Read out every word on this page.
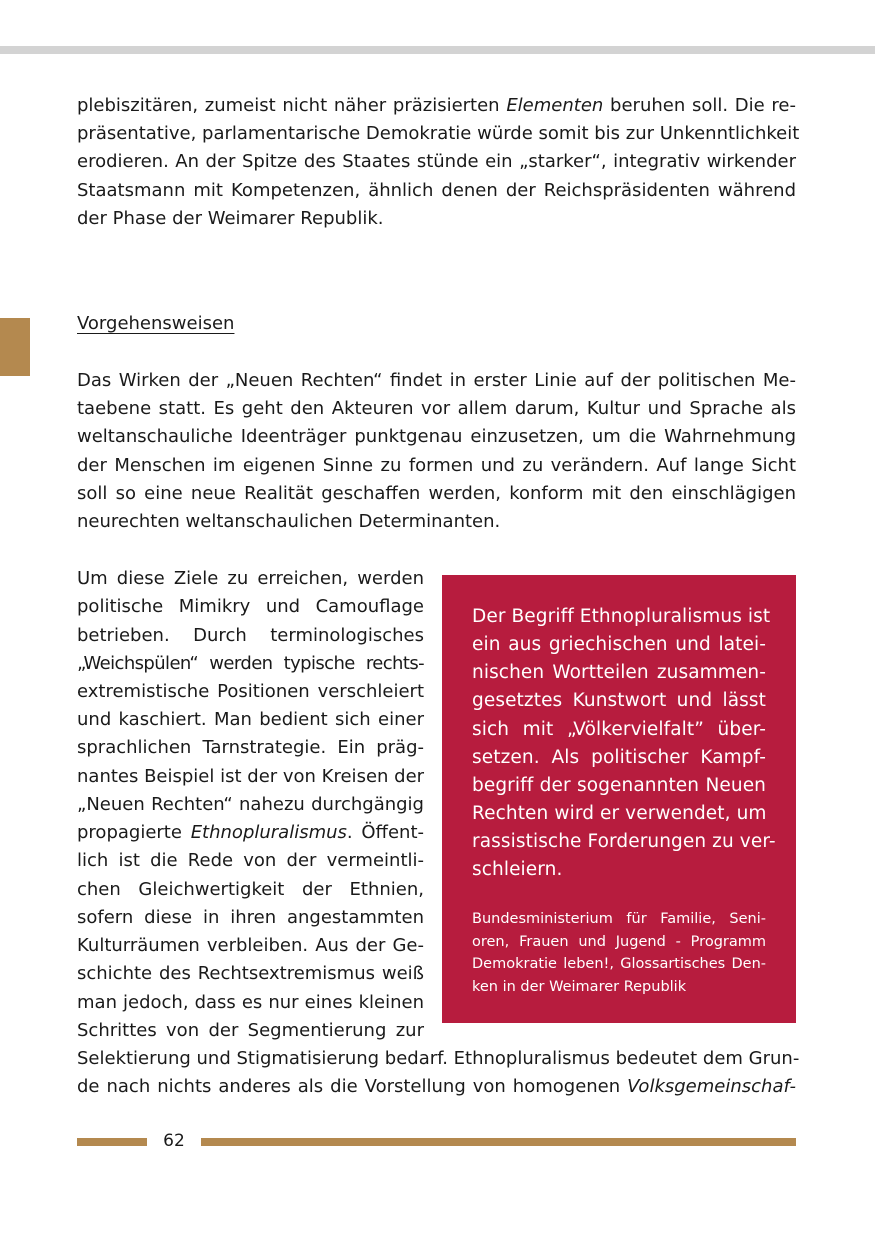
plebiszitären, zumeist nicht näher präzisierten Elementen beruhen soll. Die re-
präsentative, parlamentarische Demokratie würde somit bis zur Unkenntlichkeit
erodieren. An der Spitze des Staates stünde ein „starker“, integrativ wirkender
Staatsmann mit Kompetenzen, ähnlich denen der Reichspräsidenten während
der Phase der Weimarer Republik.
Vorgehensweisen
Das Wirken der „Neuen Rechten“ findet in erster Linie auf der politischen Me-
taebene statt. Es geht den Akteuren vor allem darum, Kultur und Sprache als
weltanschauliche Ideenträger punktgenau einzusetzen, um die Wahrnehmung
der Menschen im eigenen Sinne zu formen und zu verändern. Auf lange Sicht
soll so eine neue Realität geschaffen werden, konform mit den einschlägigen
neurechten weltanschaulichen Determinanten.
Um diese Ziele zu erreichen, werden
politische Mimikry und Camouflage
betrieben. Durch terminologisches
„Weichspülen“ werden typische rechts-
extremistische Positionen verschleiert
und kaschiert. Man bedient sich einer
sprachlichen Tarnstrategie. Ein präg-
nantes Beispiel ist der von Kreisen der
„Neuen Rechten“ nahezu durchgängig
propagierte Ethnopluralismus. Öffent-
lich ist die Rede von der vermeintli-
chen Gleichwertigkeit der Ethnien,
sofern diese in ihren angestammten
Kulturräumen verbleiben. Aus der Ge-
schichte des Rechtsextremismus weiß
man jedoch, dass es nur eines kleinen
Schrittes von der Segmentierung zur
Selektierung und Stigmatisierung bedarf. Ethnopluralismus bedeutet dem Grun-
de nach nichts anderes als die Vorstellung von homogenen Volksgemeinschaf-
Der Begriff Ethnopluralismus ist
ein aus griechischen und latei-
nischen Wortteilen zusammen-
gesetztes Kunstwort und lässt
sich mit „Völkervielfalt” über-
setzen. Als politischer Kampf-
begriff der sogenannten Neuen
Rechten wird er verwendet, um
rassistische Forderungen zu ver-
schleiern.
Bundesministerium für Familie, Seni-
oren, Frauen und Jugend - Programm
Demokratie leben!, Glossartisches Den-
ken in der Weimarer Republik
62
